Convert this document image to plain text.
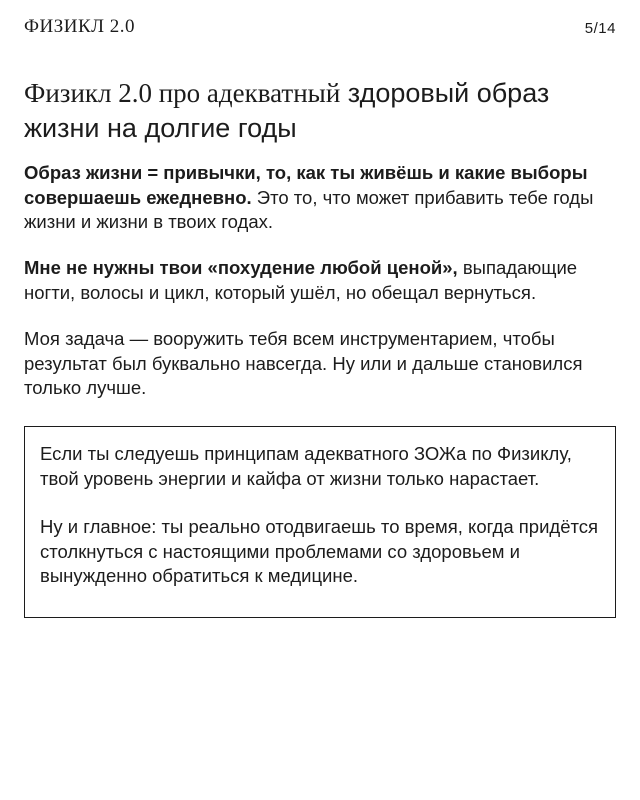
ФИЗИКЛ 2.0	5/14
Физикл 2.0 про адекватный здоровый образ жизни на долгие годы

Образ жизни = привычки, то, как ты живёшь и какие выборы совершаешь ежедневно. Это то, что может прибавить тебе годы жизни и жизни в твоих годах.

Мне не нужны твои «похудение любой ценой», выпадающие ногти, волосы и цикл, который ушёл, но обещал вернуться.

Моя задача — вооружить тебя всем инструментарием, чтобы результат был буквально навсегда. Ну или и дальше становился только лучше.

Если ты следуешь принципам адекватного ЗОЖа по Физиклу, твой уровень энергии и кайфа от жизни только нарастает.

Ну и главное: ты реально отодвигаешь то время, когда придётся столкнуться с настоящими проблемами со здоровьем и вынужденно обратиться к медицине.
